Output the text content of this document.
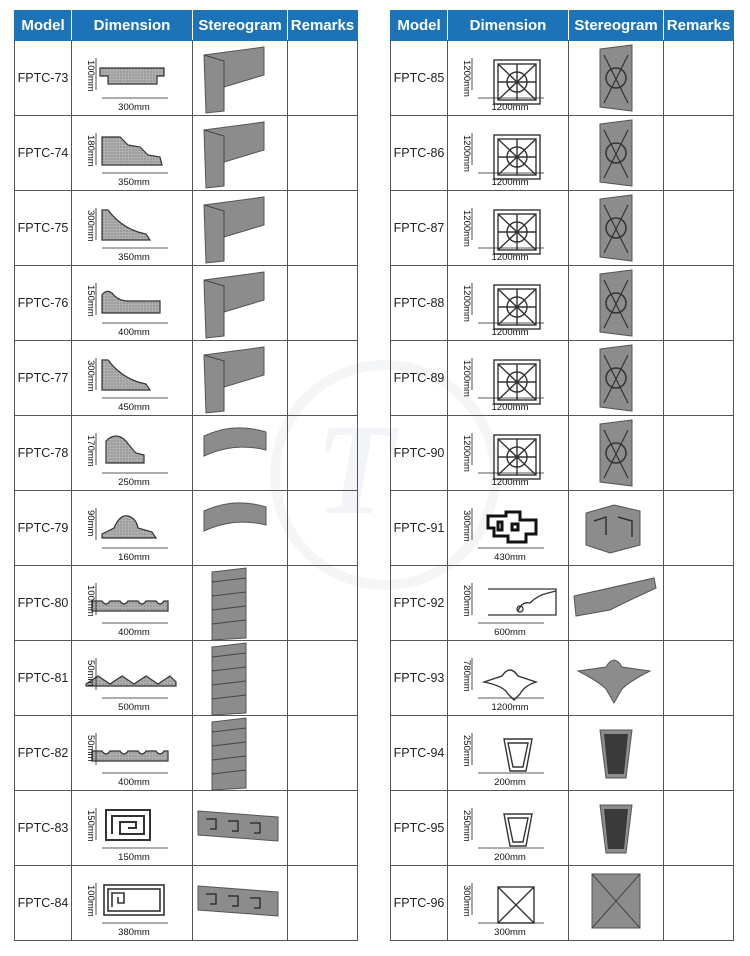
T
Model	Dimension	Stereogram	Remarks
FPTC-73	100mm
300mm

FPTC-74	180mm
350mm

FPTC-75	300mm
350mm

FPTC-76	150mm
400mm

FPTC-77	300mm
450mm

FPTC-78	170mm
250mm

FPTC-79	90mm
160mm

FPTC-80	100mm
400mm

FPTC-81	50mm
500mm

FPTC-82	50mm
400mm

FPTC-83	150mm
150mm

FPTC-84	100mm
380mm

Model	Dimension	Stereogram	Remarks
FPTC-85	1200mm
1200mm

FPTC-86	1200mm
1200mm

FPTC-87	1200mm
1200mm

FPTC-88	1200mm
1200mm

FPTC-89	1200mm
1200mm

FPTC-90	1200mm
1200mm

FPTC-91	300mm
430mm

FPTC-92	200mm
600mm

FPTC-93	780mm
1200mm

FPTC-94	250mm
200mm

FPTC-95	250mm
200mm

FPTC-96	300mm
300mm
